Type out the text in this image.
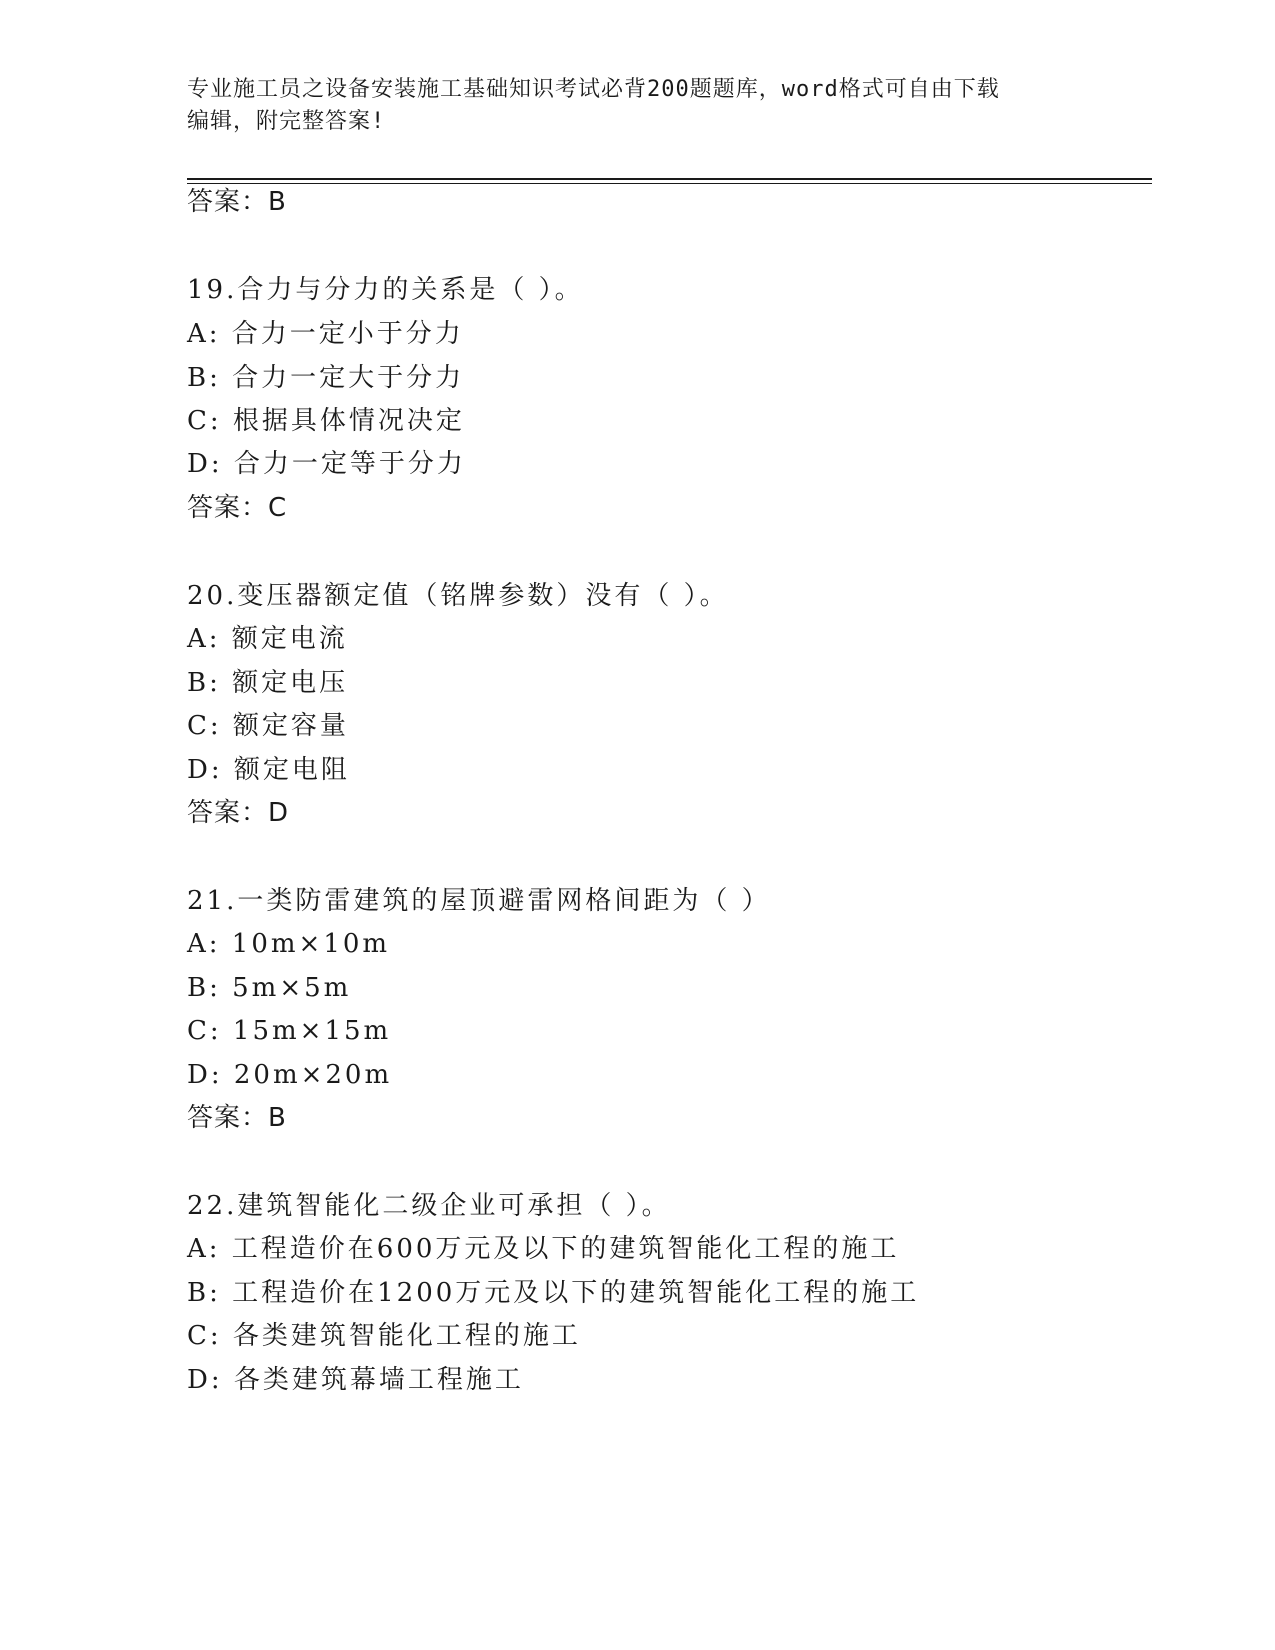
专业施工员之设备安装施工基础知识考试必背200题题库，word格式可自由下载
编辑，附完整答案!
答案：B
19.合力与分力的关系是（ ）。
A: 合力一定小于分力
B: 合力一定大于分力
C: 根据具体情况决定
D: 合力一定等于分力
答案：C
20.变压器额定值（铭牌参数）没有（ ）。
A: 额定电流
B: 额定电压
C: 额定容量
D: 额定电阻
答案：D
21.一类防雷建筑的屋顶避雷网格间距为（ ）
A: 10m×10m
B: 5m×5m
C: 15m×15m
D: 20m×20m
答案：B
22.建筑智能化二级企业可承担（ ）。
A: 工程造价在600万元及以下的建筑智能化工程的施工
B: 工程造价在1200万元及以下的建筑智能化工程的施工
C: 各类建筑智能化工程的施工
D: 各类建筑幕墙工程施工
